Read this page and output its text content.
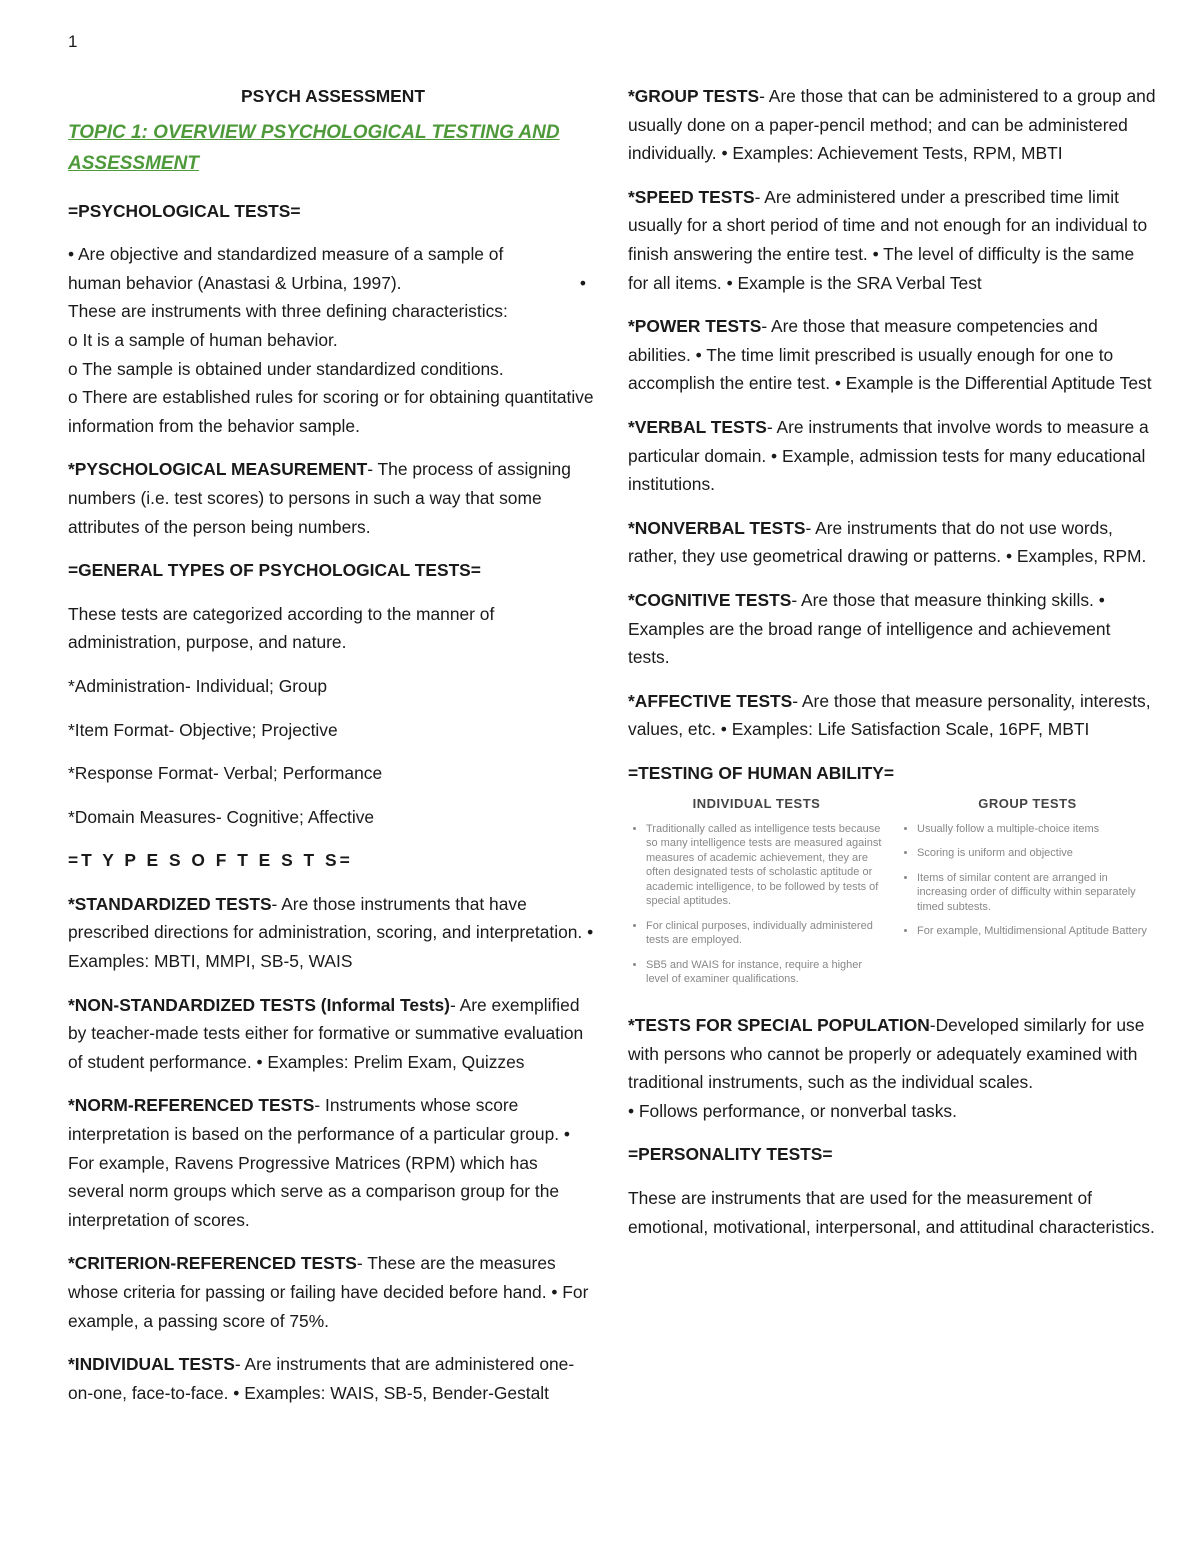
1
PSYCH ASSESSMENT
TOPIC 1: OVERVIEW PSYCHOLOGICAL TESTING AND ASSESSMENT

=PSYCHOLOGICAL TESTS=

• Are objective and standardized measure of a sample of
human behavior (Anastasi & Urbina, 1997).	•
These are instruments with three defining characteristics:
o It is a sample of human behavior.
o The sample is obtained under standardized conditions.

o There are established rules for scoring or for obtaining quantitative information from the behavior sample.

*PYSCHOLOGICAL MEASUREMENT- The process of assigning numbers (i.e. test scores) to persons in such a way that some attributes of the person being numbers.

=GENERAL TYPES OF PSYCHOLOGICAL TESTS=

These tests are categorized according to the manner of administration, purpose, and nature.

*Administration- Individual; Group

*Item Format- Objective; Projective

*Response Format- Verbal; Performance

*Domain Measures- Cognitive; Affective

=T Y P E S O F T E S T S=

*STANDARDIZED TESTS- Are those instruments that have prescribed directions for administration, scoring, and interpretation. • Examples: MBTI, MMPI, SB-5, WAIS

*NON-STANDARDIZED TESTS (Informal Tests)- Are exemplified by teacher-made tests either for formative or summative evaluation of student performance. • Examples: Prelim Exam, Quizzes

*NORM-REFERENCED TESTS- Instruments whose score interpretation is based on the performance of a particular group. • For example, Ravens Progressive Matrices (RPM) which has several norm groups which serve as a comparison group for the interpretation of scores.

*CRITERION-REFERENCED TESTS- These are the measures whose criteria for passing or failing have decided before hand. • For example, a passing score of 75%.

*INDIVIDUAL TESTS- Are instruments that are administered one-on-one, face-to-face. • Examples: WAIS, SB-5, Bender-Gestalt

*GROUP TESTS- Are those that can be administered to a group and usually done on a paper-pencil method; and can be administered individually. • Examples: Achievement Tests, RPM, MBTI

*SPEED TESTS- Are administered under a prescribed time limit usually for a short period of time and not enough for an individual to finish answering the entire test. • The level of difficulty is the same for all items. • Example is the SRA Verbal Test

*POWER TESTS- Are those that measure competencies and abilities. • The time limit prescribed is usually enough for one to accomplish the entire test. • Example is the Differential Aptitude Test

*VERBAL TESTS- Are instruments that involve words to measure a particular domain. • Example, admission tests for many educational institutions.

*NONVERBAL TESTS- Are instruments that do not use words, rather, they use geometrical drawing or patterns. • Examples, RPM.

*COGNITIVE TESTS- Are those that measure thinking skills. • Examples are the broad range of intelligence and achievement tests.

*AFFECTIVE TESTS- Are those that measure personality, interests, values, etc. • Examples: Life Satisfaction Scale, 16PF, MBTI

=TESTING OF HUMAN ABILITY=

INDIVIDUAL TESTS
• Traditionally called as intelligence tests because so many intelligence tests are measured against measures of academic achievement, they are often designated tests of scholastic aptitude or academic intelligence, to be followed by tests of special aptitudes.
• For clinical purposes, individually administered tests are employed.
• SB5 and WAIS for instance, require a higher level of examiner qualifications.
GROUP TESTS
• Usually follow a multiple-choice items
• Scoring is uniform and objective
• Items of similar content are arranged in increasing order of difficulty within separately timed subtests.
• For example, Multidimensional Aptitude Battery

*TESTS FOR SPECIAL POPULATION-Developed similarly for use with persons who cannot be properly or adequately examined with traditional instruments, such as the individual scales.

• Follows performance, or nonverbal tasks.

=PERSONALITY TESTS=

These are instruments that are used for the measurement of emotional, motivational, interpersonal, and attitudinal characteristics.
